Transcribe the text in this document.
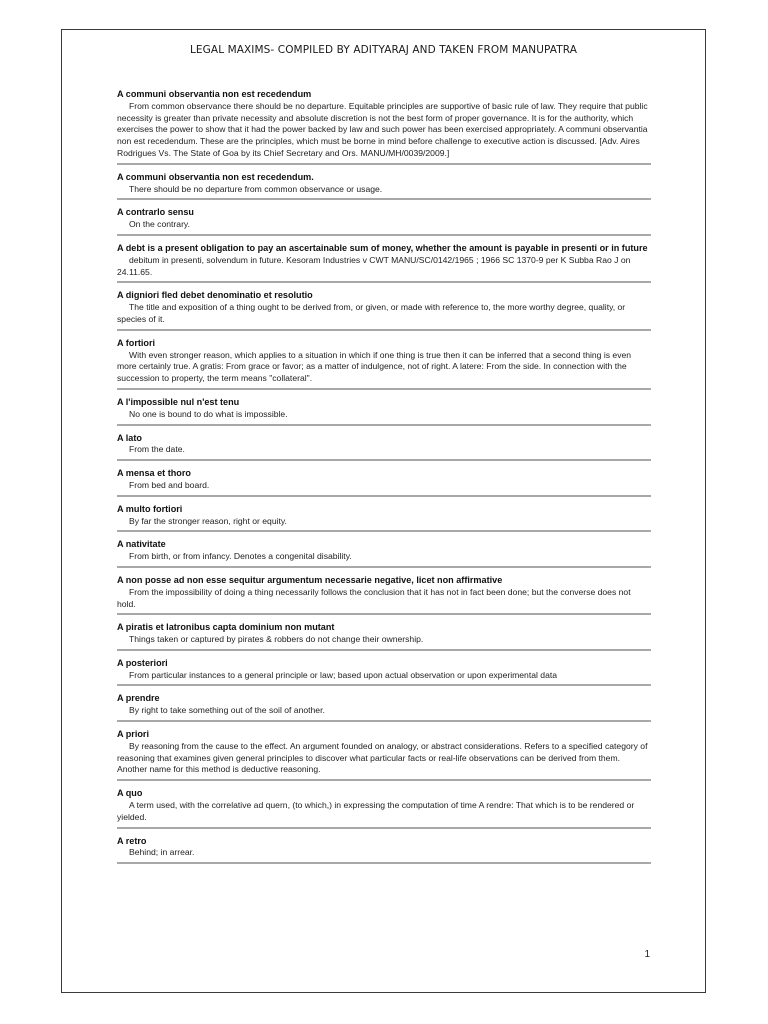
LEGAL MAXIMS- COMPILED BY ADITYARAJ AND TAKEN FROM MANUPATRA
A communi observantia non est recedendum
From common observance there should be no departure. Equitable principles are supportive of basic rule of law. They require that public necessity is greater than private necessity and absolute discretion is not the best form of proper governance. It is for the authority, which exercises the power to show that it had the power backed by law and such power has been exercised appropriately. A communi observantia non est recedendum. These are the principles, which must be borne in mind before challenge to executive action is discussed. [Adv. Aires Rodrigues Vs. The State of Goa by its Chief Secretary and Ors. MANU/MH/0039/2009.]
A communi observantia non est recedendum.
There should be no departure from common observance or usage.
A contrarlo sensu
On the contrary.
A debt is a present obligation to pay an ascertainable sum of money, whether the amount is payable in presenti or in future
debitum in presenti, solvendum in future. Kesoram Industries v CWT MANU/SC/0142/1965 ; 1966 SC 1370-9 per K Subba Rao J on 24.11.65.
A digniori fled debet denominatio et resolutio
The title and exposition of a thing ought to be derived from, or given, or made with reference to, the more worthy degree, quality, or species of it.
A fortiori
With even stronger reason, which applies to a situation in which if one thing is true then it can be inferred that a second thing is even more certainly true. A gratis: From grace or favor; as a matter of indulgence, not of right. A latere: From the side. In connection with the succession to property, the term means "collateral".
A l'impossible nul n'est tenu
No one is bound to do what is impossible.
A lato
From the date.
A mensa et thoro
From bed and board.
A multo fortiori
By far the stronger reason, right or equity.
A nativitate
From birth, or from infancy. Denotes a congenital disability.
A non posse ad non esse sequitur argumentum necessarie negative, licet non affirmative
From the impossibility of doing a thing necessarily follows the conclusion that it has not in fact been done; but the converse does not hold.
A piratis et latronibus capta dominium non mutant
Things taken or captured by pirates & robbers do not change their ownership.
A posteriori
From particular instances to a general principle or law; based upon actual observation or upon experimental data
A prendre
By right to take something out of the soil of another.
A priori
By reasoning from the cause to the effect. An argument founded on analogy, or abstract considerations. Refers to a specified category of reasoning that examines given general principles to discover what particular facts or real-life observations can be derived from them. Another name for this method is deductive reasoning.
A quo
A term used, with the correlative ad quern, (to which,) in expressing the computation of time A rendre: That which is to be rendered or yielded.
A retro
Behind; in arrear.
1
